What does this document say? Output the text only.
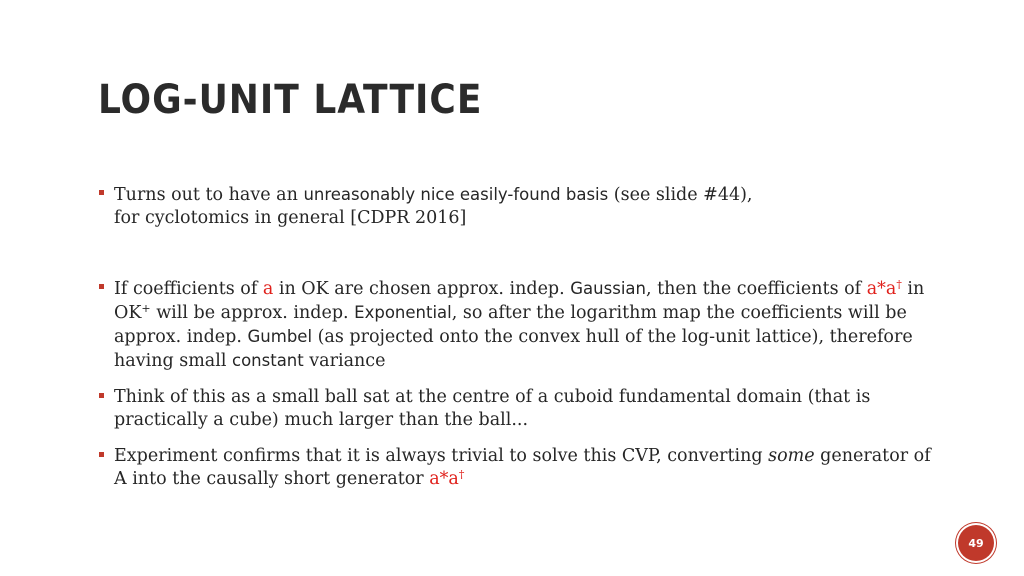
LOG-UNIT LATTICE
Turns out to have an unreasonably nice easily-found basis (see slide #44),
for cyclotomics in general [CDPR 2016]
If coefficients of a in OK are chosen approx. indep. Gaussian, then the coefficients of a*a† in OK+ will be approx. indep. Exponential, so after the logarithm map the coefficients will be approx. indep. Gumbel (as projected onto the convex hull of the log-unit lattice), therefore having small constant variance
Think of this as a small ball sat at the centre of a cuboid fundamental domain (that is practically a cube) much larger than the ball...
Experiment confirms that it is always trivial to solve this CVP, converting some generator of A into the causally short generator a*a†
49
